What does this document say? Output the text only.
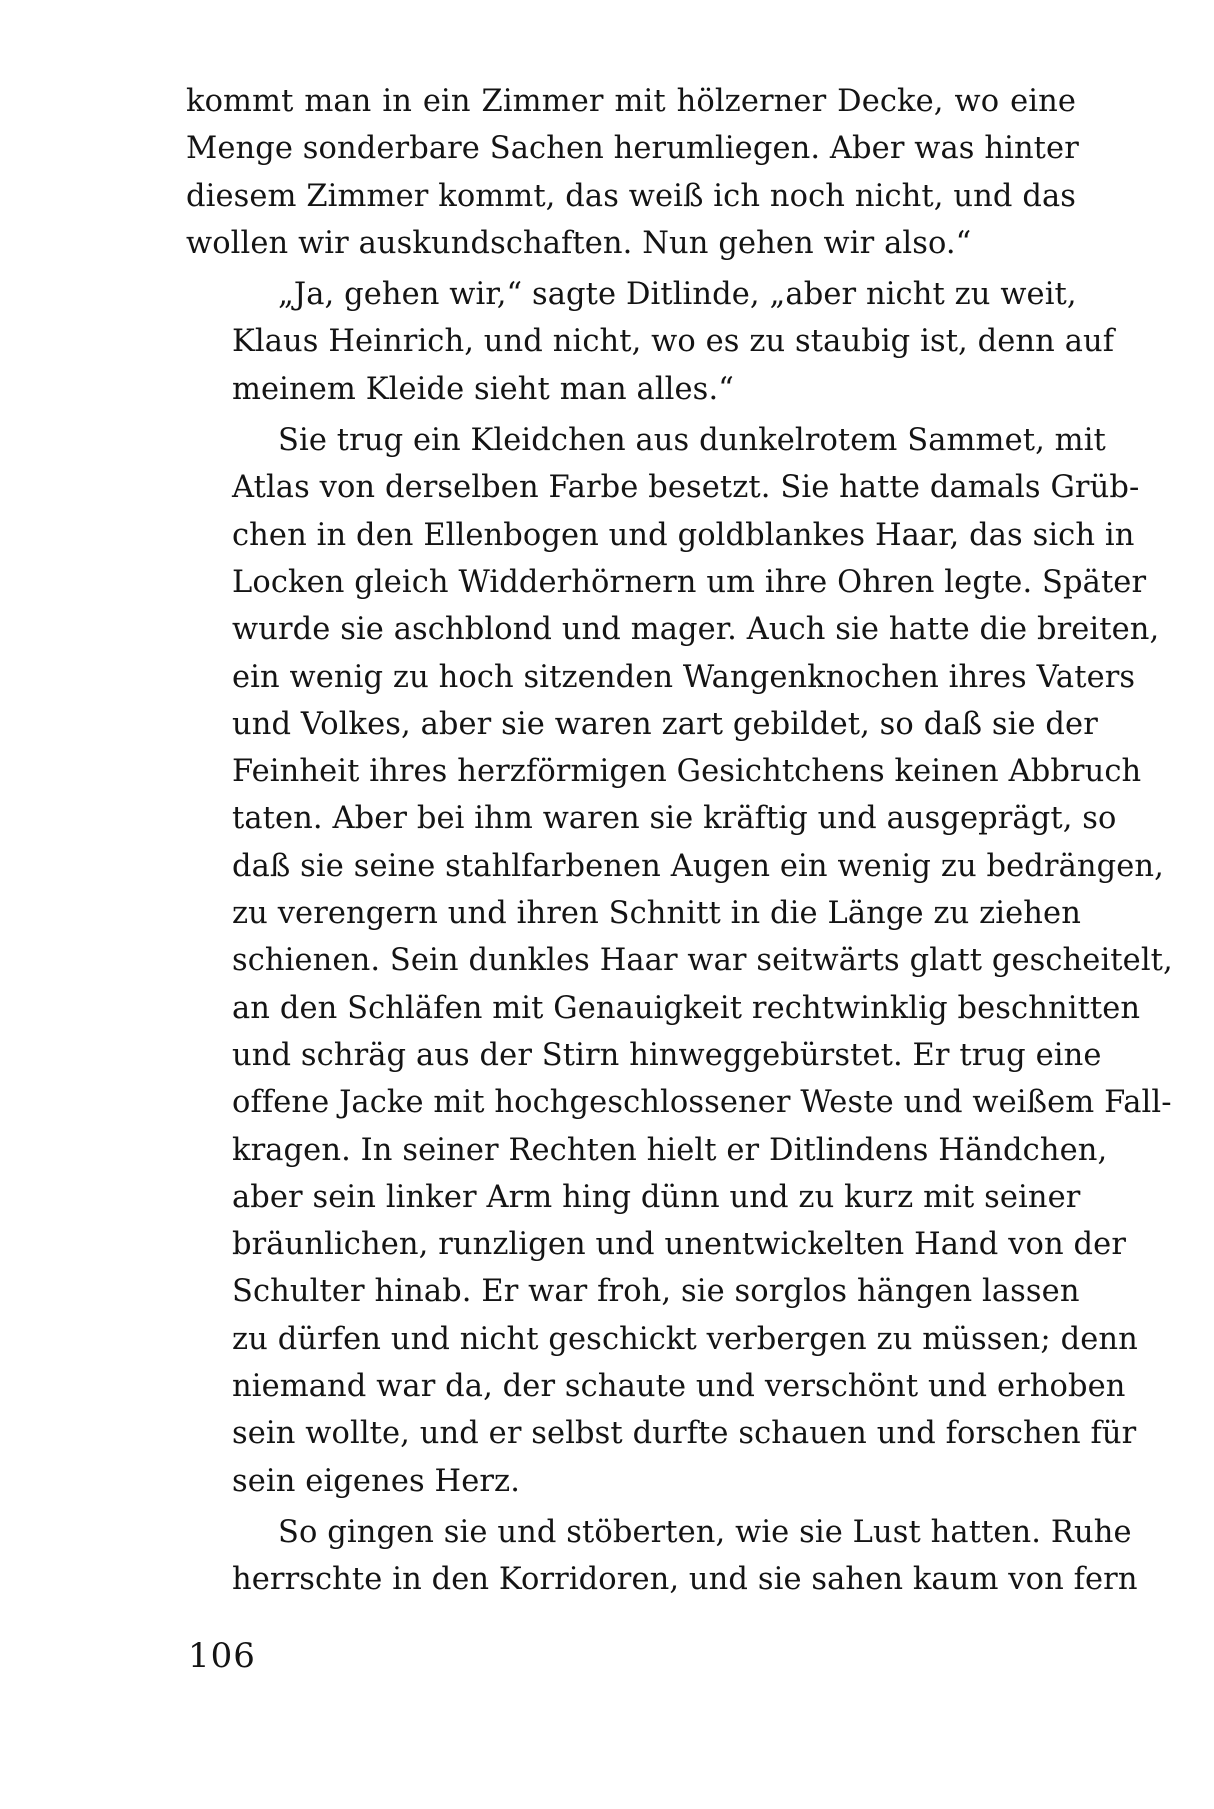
kommt man in ein Zimmer mit hölzerner Decke, wo eine
Menge sonderbare Sachen herumliegen. Aber was hinter
diesem Zimmer kommt, das weiß ich noch nicht, und das
wollen wir auskundschaften. Nun gehen wir also.“
„Ja, gehen wir,“ sagte Ditlinde, „aber nicht zu weit,
Klaus Heinrich, und nicht, wo es zu staubig ist, denn auf
meinem Kleide sieht man alles.“
Sie trug ein Kleidchen aus dunkelrotem Sammet, mit
Atlas von derselben Farbe besetzt. Sie hatte damals Grüb-
chen in den Ellenbogen und goldblankes Haar, das sich in
Locken gleich Widderhörnern um ihre Ohren legte. Später
wurde sie aschblond und mager. Auch sie hatte die breiten,
ein wenig zu hoch sitzenden Wangenknochen ihres Vaters
und Volkes, aber sie waren zart gebildet, so daß sie der
Feinheit ihres herzförmigen Gesichtchens keinen Abbruch
taten. Aber bei ihm waren sie kräftig und ausgeprägt, so
daß sie seine stahlfarbenen Augen ein wenig zu bedrängen,
zu verengern und ihren Schnitt in die Länge zu ziehen
schienen. Sein dunkles Haar war seitwärts glatt gescheitelt,
an den Schläfen mit Genauigkeit rechtwinklig beschnitten
und schräg aus der Stirn hinweggebürstet. Er trug eine
offene Jacke mit hochgeschlossener Weste und weißem Fall-
kragen. In seiner Rechten hielt er Ditlindens Händchen,
aber sein linker Arm hing dünn und zu kurz mit seiner
bräunlichen, runzligen und unentwickelten Hand von der
Schulter hinab. Er war froh, sie sorglos hängen lassen
zu dürfen und nicht geschickt verbergen zu müssen; denn
niemand war da, der schaute und verschönt und erhoben
sein wollte, und er selbst durfte schauen und forschen für
sein eigenes Herz.
So gingen sie und stöberten, wie sie Lust hatten. Ruhe
herrschte in den Korridoren, und sie sahen kaum von fern
106
